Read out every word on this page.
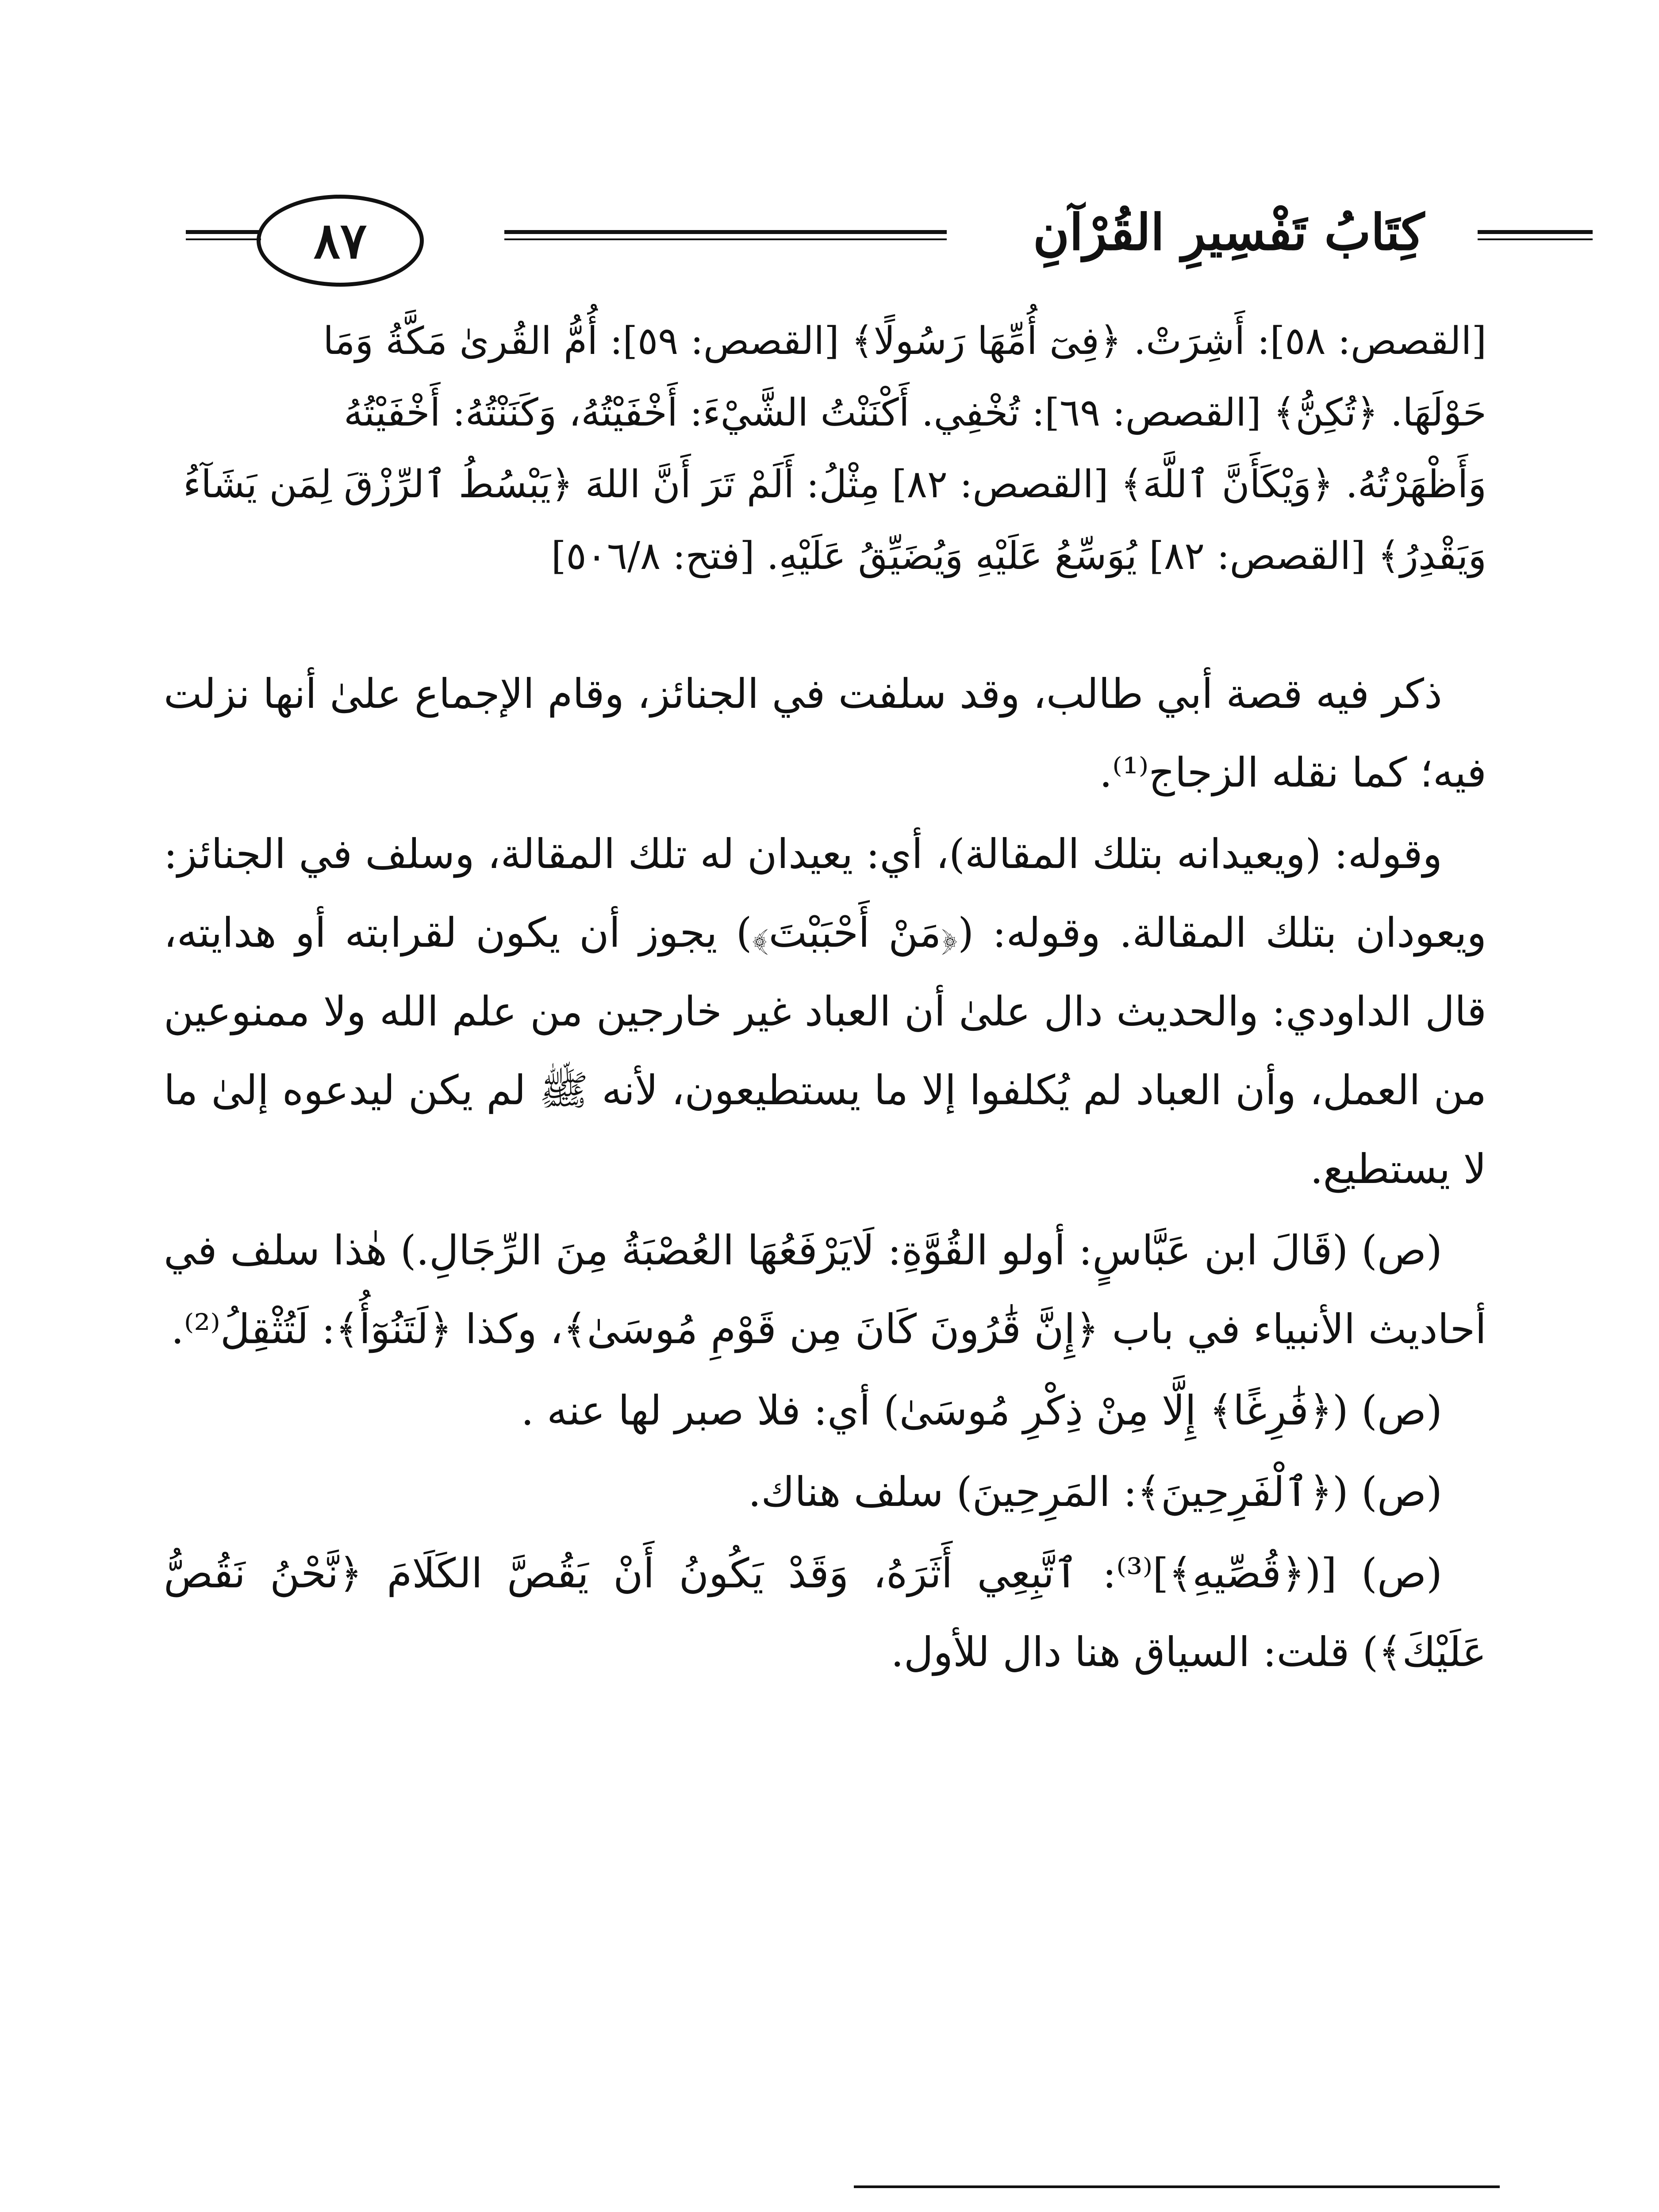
كِتَابُ تَفْسِيرِ القُرْآنِ
٨٧

[القصص: ٥٨]: أَشِرَتْ. ﴿فِىٓ أُمِّهَا رَسُولًا﴾ [القصص: ٥٩]: أُمُّ القُرىٰ مَكَّةُ وَمَا

حَوْلَهَا. ﴿تُكِنُّ﴾ [القصص: ٦٩]: تُخْفِي. أَكْنَنْتُ الشَّيْءَ: أَخْفَيْتُهُ، وَكَنَنْتُهُ: أَخْفَيْتُهُ

وَأَظْهَرْتُهُ. ﴿وَيْكَأَنَّ ٱللَّهَ﴾ [القصص: ٨٢] مِثْلُ: أَلَمْ تَرَ أَنَّ اللهَ ﴿يَبْسُطُ ٱلرِّزْقَ لِمَن يَشَآءُ

وَيَقْدِرُ﴾ [القصص: ٨٢] يُوَسِّعُ عَلَيْهِ وَيُضَيِّقُ عَلَيْهِ. [فتح: ٥٠٦/٨]

ذكر فيه قصة أبي طالب، وقد سلفت في الجنائز، وقام الإجماع علىٰ أنها نزلت فيه؛ كما نقله الزجاج⁽¹⁾.

وقوله: (ويعيدانه بتلك المقالة)، أي: يعيدان له تلك المقالة، وسلف في الجنائز: ويعودان بتلك المقالة. وقوله: (﴿مَنْ أَحْبَبْتَ﴾) يجوز أن يكون لقرابته أو هدايته، قال الداودي: والحديث دال علىٰ أن العباد غير خارجين من علم الله ولا ممنوعين من العمل، وأن العباد لم يُكلفوا إلا ما يستطيعون، لأنه ﷺ لم يكن ليدعوه إلىٰ ما لا يستطيع.

(ص) (قَالَ ابن عَبَّاسٍ: أولو القُوَّةِ: لَايَرْفَعُهَا العُصْبَةُ مِنَ الرِّجَالِ.) هٰذا سلف في أحاديث الأنبياء في باب ﴿إِنَّ قَٰرُونَ كَانَ مِن قَوْمِ مُوسَىٰ﴾، وكذا ﴿لَتَنُوٓأُ﴾: لَتُثْقِلُ⁽²⁾.

(ص) (﴿فَٰرِغًا﴾ إِلَّا مِنْ ذِكْرِ مُوسَىٰ) أي: فلا صبر لها عنه .

(ص) (﴿ٱلْفَرِحِينَ﴾: المَرِحِينَ) سلف هناك.

(ص) [(﴿قُصِّيهِ﴾]⁽³⁾: ٱتَّبِعِي أَثَرَهُ، وَقَدْ يَكُونُ أَنْ يَقُصَّ الكَلَامَ ﴿نَّحْنُ نَقُصُّ عَلَيْكَ﴾) قلت: السياق هنا دال للأول.
